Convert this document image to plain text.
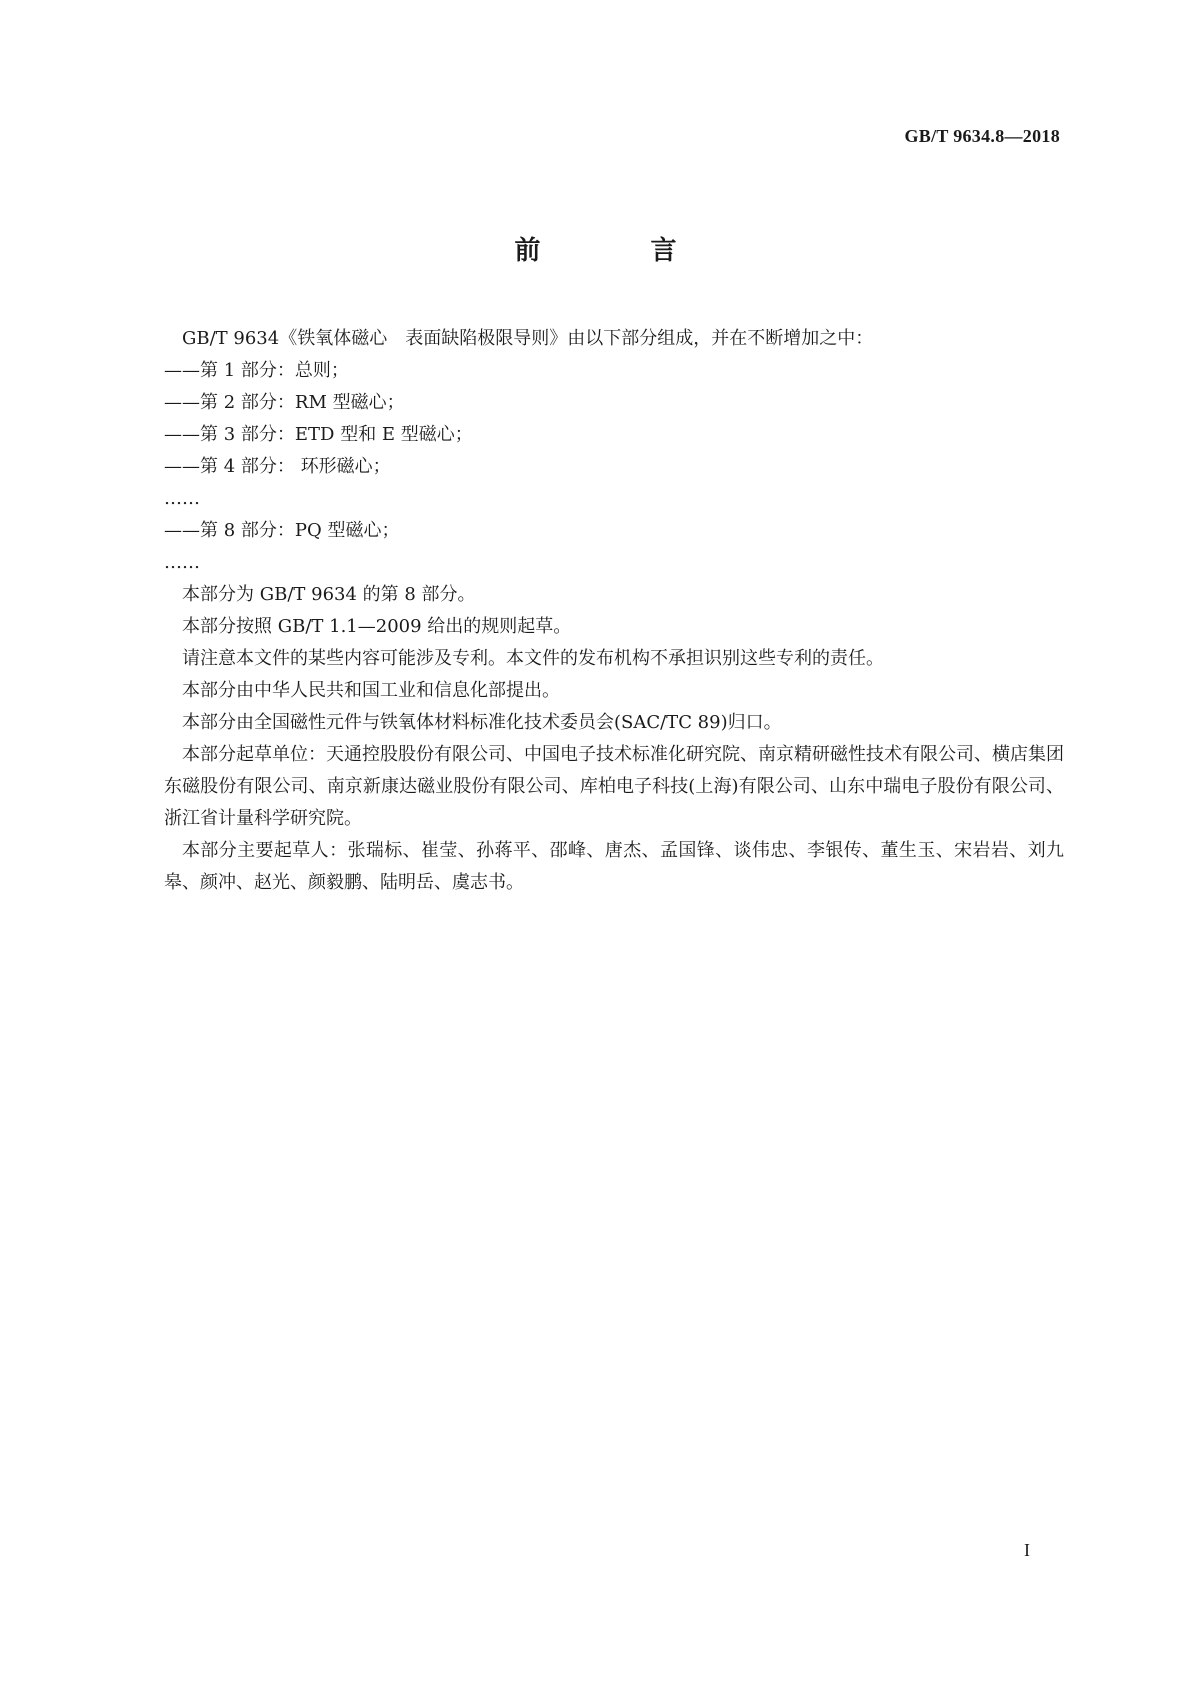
GB/T 9634.8—2018
前　言

GB/T 9634《铁氧体磁心　表面缺陷极限导则》由以下部分组成，并在不断增加之中：

——第 1 部分：总则；

——第 2 部分：RM 型磁心；

——第 3 部分：ETD 型和 E 型磁心；

——第 4 部分： 环形磁心；

……

——第 8 部分：PQ 型磁心；

……

本部分为 GB/T 9634 的第 8 部分。

本部分按照 GB/T 1.1—2009 给出的规则起草。

请注意本文件的某些内容可能涉及专利。本文件的发布机构不承担识别这些专利的责任。

本部分由中华人民共和国工业和信息化部提出。

本部分由全国磁性元件与铁氧体材料标准化技术委员会(SAC/TC 89)归口。

本部分起草单位：天通控股股份有限公司、中国电子技术标准化研究院、南京精研磁性技术有限公司、横店集团东磁股份有限公司、南京新康达磁业股份有限公司、库柏电子科技(上海)有限公司、山东中瑞电子股份有限公司、浙江省计量科学研究院。

本部分主要起草人：张瑞标、崔莹、孙蒋平、邵峰、唐杰、孟国锋、谈伟忠、李银传、董生玉、宋岩岩、刘九皋、颜冲、赵光、颜毅鹏、陆明岳、虞志书。

I
